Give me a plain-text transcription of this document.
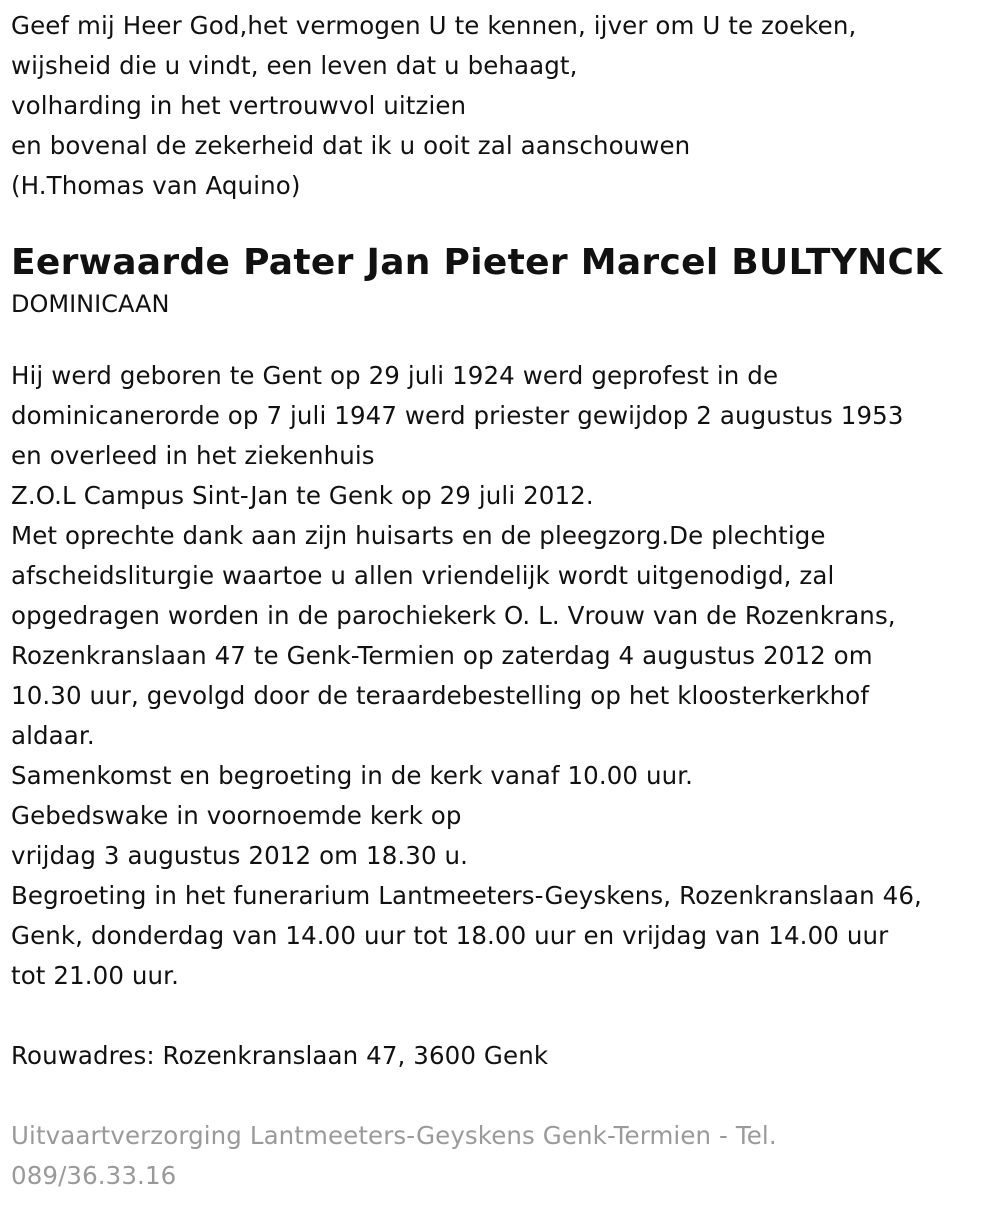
Geef mij Heer God,het vermogen U te kennen, ijver om U te zoeken,
wijsheid die u vindt, een leven dat u behaagt,
volharding in het vertrouwvol uitzien
en bovenal de zekerheid dat ik u ooit zal aanschouwen
(H.Thomas van Aquino)
Eerwaarde Pater Jan Pieter Marcel BULTYNCK
DOMINICAAN
Hij werd geboren te Gent op 29 juli 1924 werd geprofest in de
dominicanerorde op 7 juli 1947 werd priester gewijdop 2 augustus 1953
en overleed in het ziekenhuis
Z.O.L Campus Sint-Jan te Genk op 29 juli 2012.
Met oprechte dank aan zijn huisarts en de pleegzorg.De plechtige
afscheidsliturgie waartoe u allen vriendelijk wordt uitgenodigd, zal
opgedragen worden in de parochiekerk O. L. Vrouw van de Rozenkrans,
Rozenkranslaan 47 te Genk-Termien op zaterdag 4 augustus 2012 om
10.30 uur, gevolgd door de teraardebestelling op het kloosterkerkhof
aldaar.
Samenkomst en begroeting in de kerk vanaf 10.00 uur.
Gebedswake in voornoemde kerk op
vrijdag 3 augustus 2012 om 18.30 u.
Begroeting in het funerarium Lantmeeters-Geyskens, Rozenkranslaan 46,
Genk, donderdag van 14.00 uur tot 18.00 uur en vrijdag van 14.00 uur
tot 21.00 uur.
Rouwadres: Rozenkranslaan 47, 3600 Genk
Uitvaartverzorging Lantmeeters-Geyskens Genk-Termien - Tel.
089/36.33.16
